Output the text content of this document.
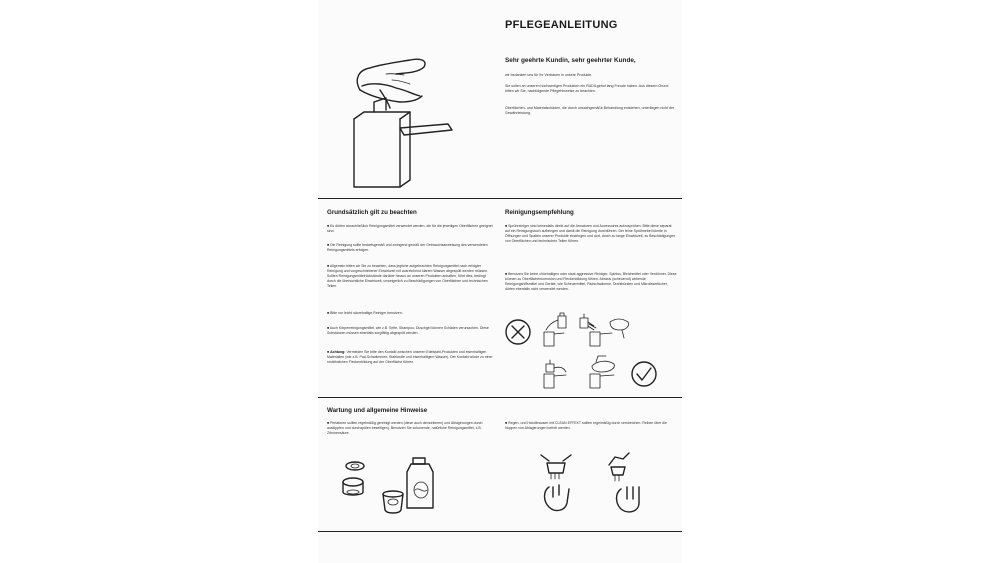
PFLEGEANLEITUNG
Sehr geehrte Kundin, sehr geehrter Kunde,
wir bedanken uns für Ihr Vertrauen in unsere Produkte.
Sie sollen an unseren hochwertigen Produkten ein RADILgebot lang Freude haben. Aus diesem Grund bitten wir Sie, nachfolgende Pflegehinweise zu beachten.
Oberflächen- und Materialschäden, die durch unsachgemäße Behandlung entstehen, unterliegen nicht der Gewährleistung.
Grundsätzlich gilt zu beachten
■ Es dürfen ausschließlich Reinigungsmittel verwendet werden, die für die jeweiligen Oberflächen geeignet sind.
■ Die Reinigung sollte bedarfsgemäß und zwingend gemäß der Gebrauchsanweisung des verwendeten Reinigungsmittels erfolgen.
■ Allgemein bitten wir Sie zu beachten, dass jegliche aufgebrachten Reinigungsmittel nach erfolgter Reinigung und vorgeschriebener Einwirkzeit mit ausreichend klarem Wasser abgespült werden müssen. Sollten Reinigungsmittelrückstände darüber hinaus an unseren Produkten anhaften, führt dies, bedingt durch die übersichtliche Einwirkzeit, unweigerlich zu Beschädigungen von Oberflächen und technischen Teilen.
■ Bitte nur leicht säurehaltige Reiniger benutzen.
■ Auch Körperreinigungsmittel, wie z.B. Seife, Shampoo, Duschgel können Schäden verursachen. Diese Substanzen müssen ebenfalls sorgfältig abgespült werden.
■ Achtung: Vermeiden Sie bitte den Kontakt zwischen unseren Edelstahl-Produkten und eisenhaltigen Materialien (wie z.B. Pad-Schwämmen, Stahlwolle und eisenhaltigem Wasser). Der Kontakt würde zu einer rostähnlichen Fleckenbildung auf der Oberfläche führen.
Reinigungsempfehlung
■ Sprühreiniger sind keinesfalls direkt auf die Armaturen und Accessoires aufzusprühen. Bitte diese separat auf ein Reinigungstuch aufbringen und damit die Reinigung durchführen. Der feine Sprühnebel könnte in Öffnungen und Spalten unserer Produkte eindringen und dort, durch zu lange Einwirkzeit, zu Beschädigungen von Oberflächen und technischen Teilen führen.
■ Benutzen Sie keine chlorhaltigen oder stark aggressive Reiniger, Spiritus, Bleichmittel oder Verdünner. Diese können zu Oberflächenkorrosion und Fleckenbildung führen. Abrasiv (scheuernd) wirkende Reinigungshilfsmittel und Geräte, wie Scheuermittel, Padschwämme, Drahtbürsten und Mikrofasertücher, dürfen ebenfalls nicht verwendet werden.
Wartung und allgemeine Hinweise
■ Perlatoren sollten regelmäßig gereinigt werden (diese auch demontieren) und Ablagerungen durch auskippfen und durchspülen beseitigen). Benutzen Sie schonende, natürliche Reinigungsmittel, z.B. Zitronensäure.
■ Regen- und Handbrausen mit CLEAN EFFEKT sollten regelmäßig durch verstreichen. Reiben über die Noppen von Ablagerungen befreit werden.
